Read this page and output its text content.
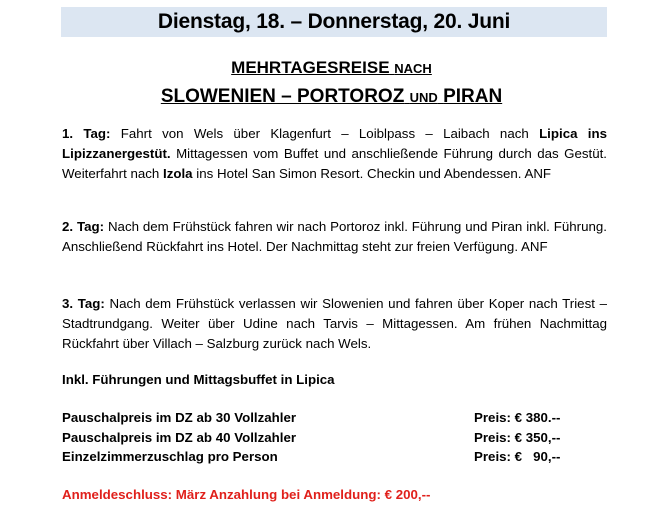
Dienstag, 18. – Donnerstag, 20. Juni
MEHRTAGESREISE NACH
SLOWENIEN – PORTOROZ UND PIRAN
1. Tag: Fahrt von Wels über Klagenfurt – Loiblpass – Laibach nach Lipica ins Lipizzanergestüt. Mittagessen vom Buffet und anschließende Führung durch das Gestüt. Weiterfahrt nach Izola ins Hotel San Simon Resort. Checkin und Abendessen. ANF
2. Tag: Nach dem Frühstück fahren wir nach Portoroz inkl. Führung und Piran inkl. Führung. Anschließend Rückfahrt ins Hotel. Der Nachmittag steht zur freien Verfügung. ANF
3. Tag: Nach dem Frühstück verlassen wir Slowenien und fahren über Koper nach Triest – Stadtrundgang. Weiter über Udine nach Tarvis – Mittagessen. Am frühen Nachmittag Rückfahrt über Villach – Salzburg zurück nach Wels.
Inkl. Führungen und Mittagsbuffet in Lipica
Pauschalpreis im DZ ab 30 Vollzahler	Preis: € 380.--
Pauschalpreis im DZ ab 40 Vollzahler	Preis: € 350,--
Einzelzimmerzuschlag pro Person	Preis: €   90,--
Anmeldeschluss: März Anzahlung bei Anmeldung: € 200,--
